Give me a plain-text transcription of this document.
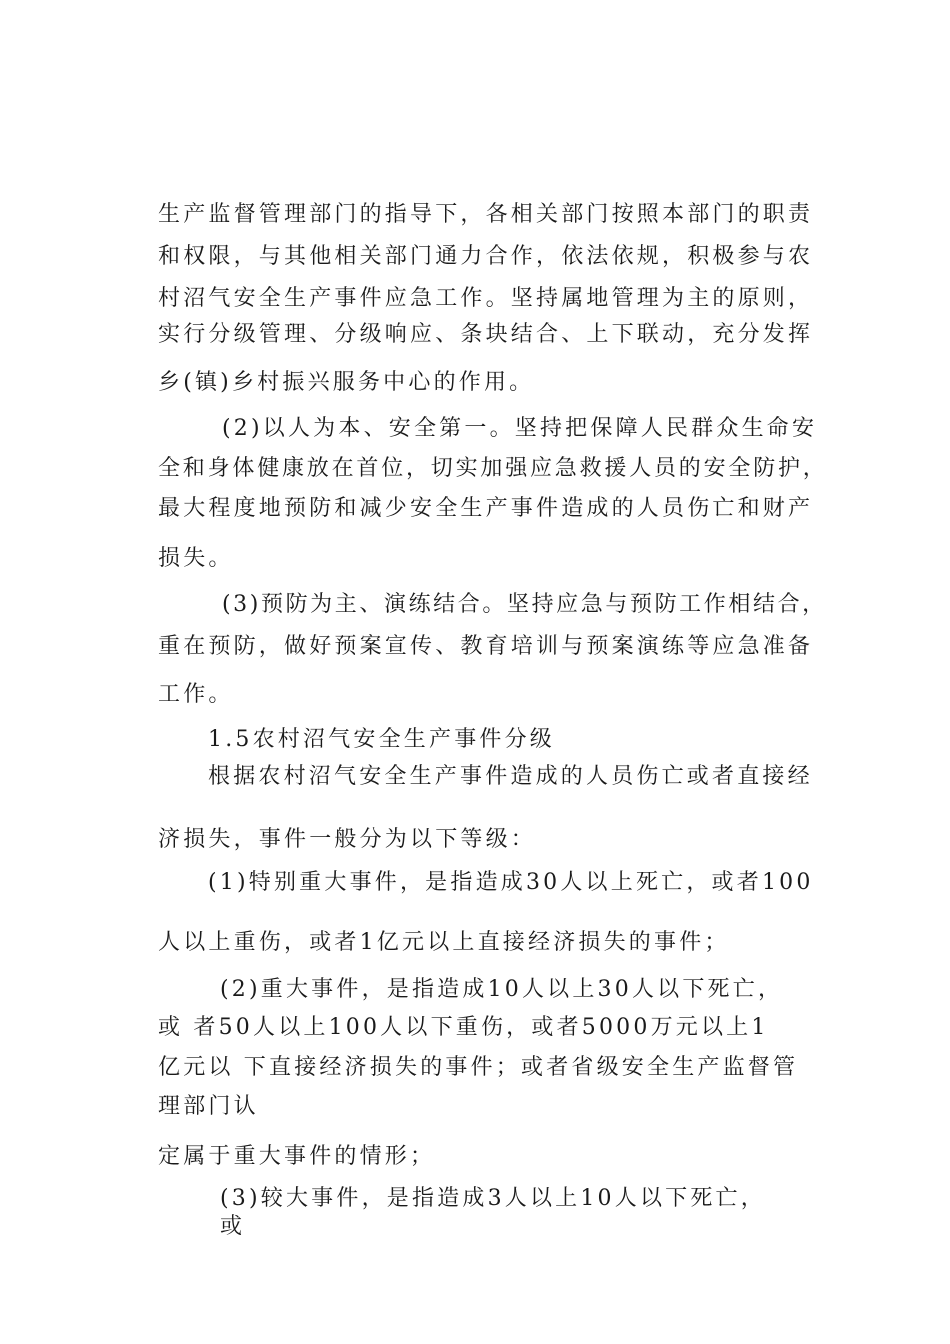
生产监督管理部门的指导下，各相关部门按照本部门的职责
和权限，与其他相关部门通力合作，依法依规，积极参与农
村沼气安全生产事件应急工作。坚持属地管理为主的原则，
实行分级管理、分级响应、条块结合、上下联动，充分发挥
乡(镇)乡村振兴服务中心的作用。
(2)以人为本、安全第一。坚持把保障人民群众生命安
全和身体健康放在首位，切实加强应急救援人员的安全防护，
最大程度地预防和减少安全生产事件造成的人员伤亡和财产
损失。
(3)预防为主、演练结合。坚持应急与预防工作相结合，
重在预防，做好预案宣传、教育培训与预案演练等应急准备
工作。
1.5农村沼气安全生产事件分级
根据农村沼气安全生产事件造成的人员伤亡或者直接经
济损失，事件一般分为以下等级：
(1)特别重大事件，是指造成30人以上死亡，或者100
人以上重伤，或者1亿元以上直接经济损失的事件；
(2)重大事件，是指造成10人以上30人以下死亡，
或 者50人以上100人以下重伤，或者5000万元以上1
亿元以 下直接经济损失的事件；或者省级安全生产监督管
理部门认
定属于重大事件的情形；
(3)较大事件，是指造成3人以上10人以下死亡，
或
